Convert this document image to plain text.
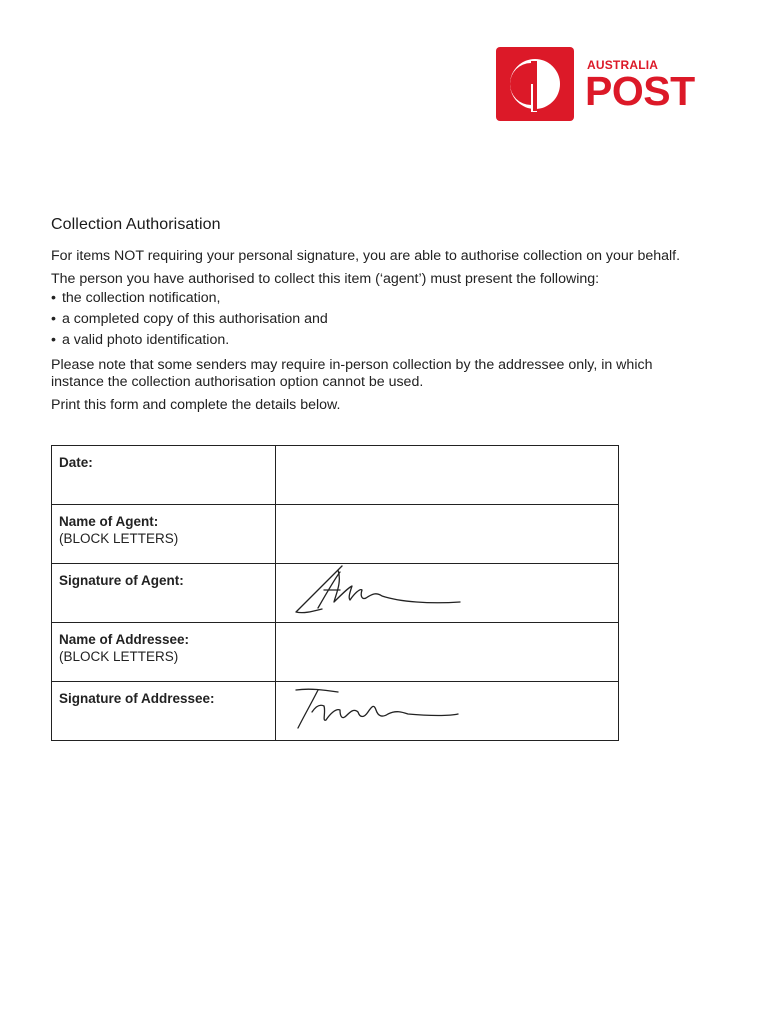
AUSTRALIA
POST
Collection Authorisation

For items NOT requiring your personal signature, you are able to authorise collection on your behalf.

The person you have authorised to collect this item (‘agent’) must present the following:

• the collection notification,
• a completed copy of this authorisation and
• a valid photo identification.

Please note that some senders may require in-person collection by the addressee only, in which instance the collection authorisation option cannot be used.

Print this form and complete the details below.

Date:	

Name of Agent:
(BLOCK LETTERS)	

Signature of Agent:

Name of Addressee:
(BLOCK LETTERS)	

Signature of Addressee:
